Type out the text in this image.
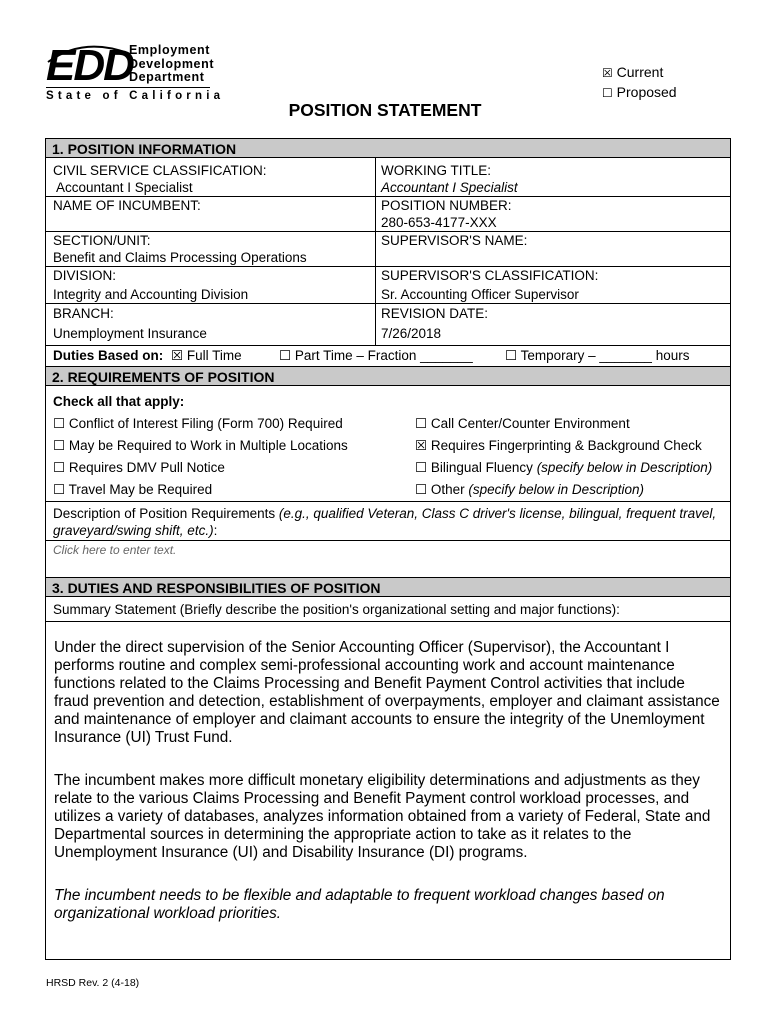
EDD
Employment
Development
Department
State of California
☒ Current
☐ Proposed
POSITION STATEMENT
1. POSITION INFORMATION
CIVIL SERVICE CLASSIFICATION:
Accountant I Specialist
WORKING TITLE:
Accountant I Specialist
NAME OF INCUMBENT:	POSITION NUMBER:
280-653-4177-XXX
SECTION/UNIT:
Benefit and Claims Processing Operations
SUPERVISOR'S NAME:
DIVISION:
Integrity and Accounting Division
SUPERVISOR'S CLASSIFICATION:
Sr. Accounting Officer Supervisor
BRANCH:
Unemployment Insurance
REVISION DATE:
7/26/2018
Duties Based on: ☒ Full Time	☐ Part Time – Fraction _______ ☐ Temporary – _______ hours
2. REQUIREMENTS OF POSITION
Check all that apply:
☐ Conflict of Interest Filing (Form 700) Required
☐ May be Required to Work in Multiple Locations
☐ Requires DMV Pull Notice
☐ Travel May be Required
☐ Call Center/Counter Environment
☒ Requires Fingerprinting & Background Check
☐ Bilingual Fluency (specify below in Description)
☐ Other (specify below in Description)
Description of Position Requirements (e.g., qualified Veteran, Class C driver's license, bilingual, frequent travel, graveyard/swing shift, etc.):
Click here to enter text.
3. DUTIES AND RESPONSIBILITIES OF POSITION
Summary Statement (Briefly describe the position's organizational setting and major functions):
Under the direct supervision of the Senior Accounting Officer (Supervisor), the Accountant I performs routine and complex semi-professional accounting work and account maintenance functions related to the Claims Processing and Benefit Payment Control activities that include fraud prevention and detection, establishment of overpayments, employer and claimant assistance and maintenance of employer and claimant accounts to ensure the integrity of the Unemloyment Insurance (UI) Trust Fund.
The incumbent makes more difficult monetary eligibility determinations and adjustments as they relate to the various Claims Processing and Benefit Payment control workload processes, and utilizes a variety of databases, analyzes information obtained from a variety of Federal, State and Departmental sources in determining the appropriate action to take as it relates to the Unemployment Insurance (UI) and Disability Insurance (DI) programs.
The incumbent needs to be flexible and adaptable to frequent workload changes based on organizational workload priorities.
HRSD Rev. 2 (4-18)
